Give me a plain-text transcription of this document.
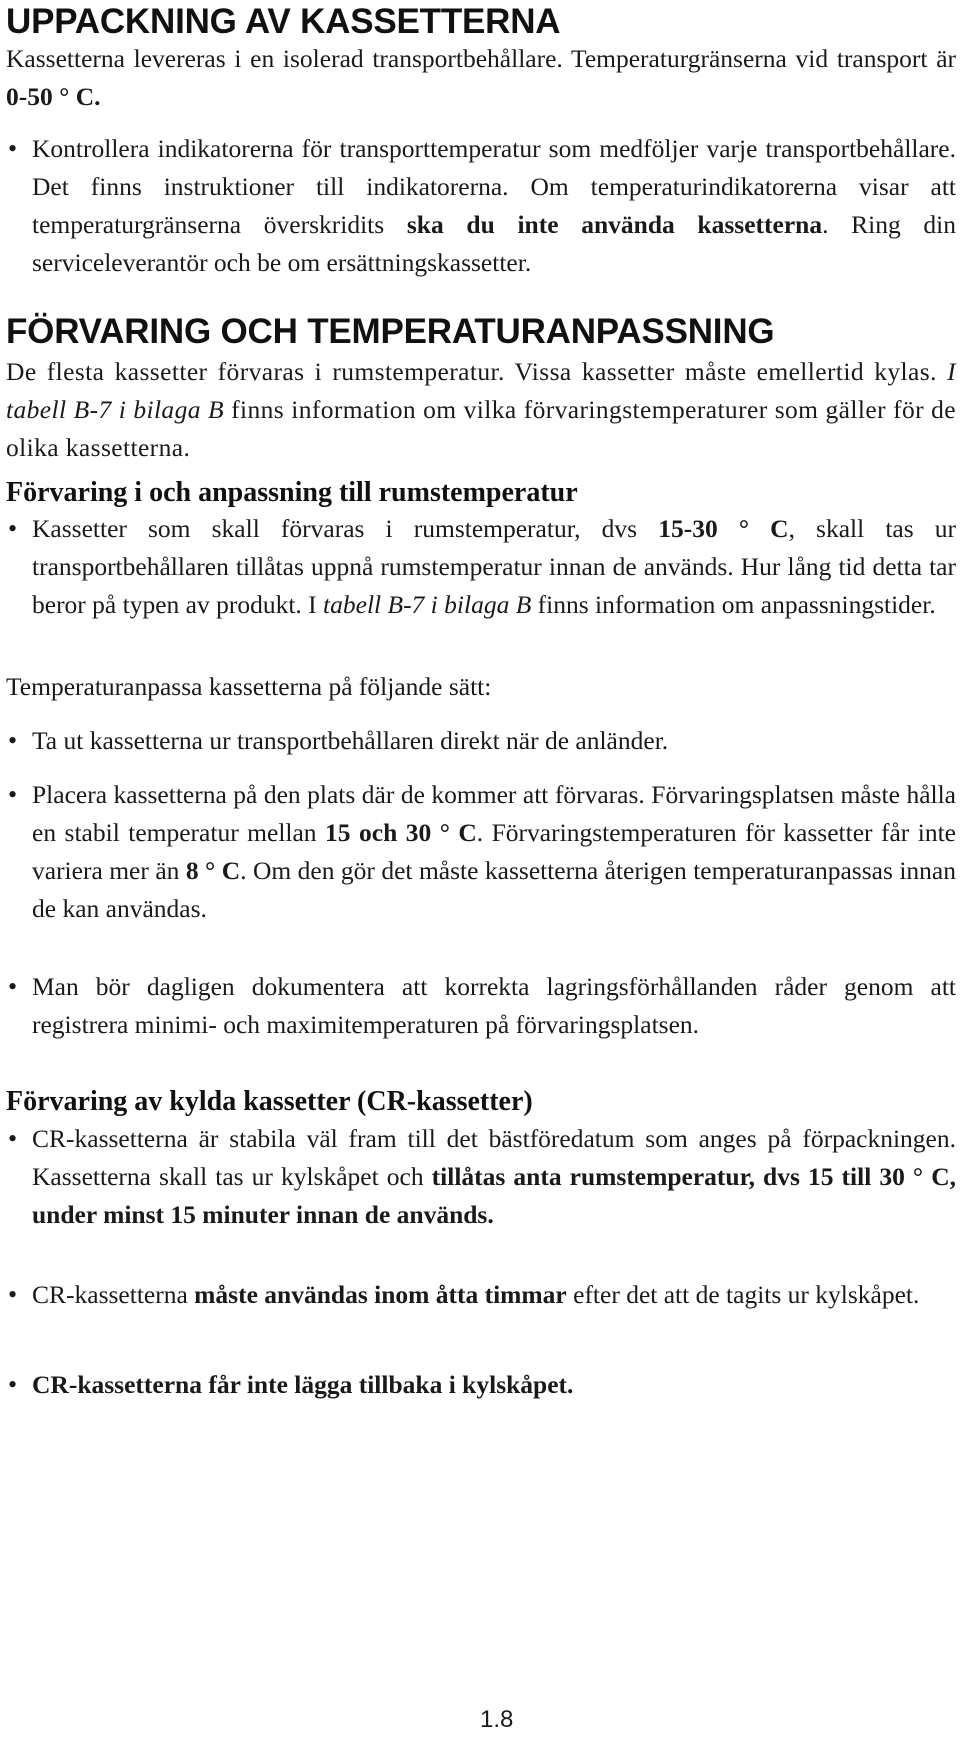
UPPACKNING AV KASSETTERNA

Kassetterna levereras i en isolerad transportbehållare. Temperaturgränserna vid transport är 0-50 ° C.

• Kontrollera indikatorerna för transporttemperatur som medföljer varje transportbehållare. Det finns instruktioner till indikatorerna. Om temperaturindikatorerna visar att temperaturgränserna överskridits ska du inte använda kassetterna. Ring din serviceleverantör och be om ersättningskassetter.
FÖRVARING OCH TEMPERATURANPASSNING

De flesta kassetter förvaras i rumstemperatur. Vissa kassetter måste emellertid kylas. I tabell B-7 i bilaga B finns information om vilka förvaringstemperaturer som gäller för de olika kassetterna.

Förvaring i och anpassning till rumstemperatur
• Kassetter som skall förvaras i rumstemperatur, dvs 15-30 ° C, skall tas ur transportbehållaren tillåtas uppnå rumstemperatur innan de används. Hur lång tid detta tar beror på typen av produkt. I tabell B-7 i bilaga B finns information om anpassningstider.

Temperaturanpassa kassetterna på följande sätt:

• Ta ut kassetterna ur transportbehållaren direkt när de anländer.
• Placera kassetterna på den plats där de kommer att förvaras. Förvaringsplatsen måste hålla en stabil temperatur mellan 15 och 30 ° C. Förvaringstemperaturen för kassetter får inte variera mer än 8 ° C. Om den gör det måste kassetterna återigen temperaturanpassas innan de kan användas.
• Man bör dagligen dokumentera att korrekta lagringsförhållanden råder genom att registrera minimi- och maximitemperaturen på förvaringsplatsen.
Förvaring av kylda kassetter (CR-kassetter)
• CR-kassetterna är stabila väl fram till det bästföredatum som anges på förpackningen. Kassetterna skall tas ur kylskåpet och tillåtas anta rumstemperatur, dvs 15 till 30 ° C, under minst 15 minuter innan de används.
• CR-kassetterna måste användas inom åtta timmar efter det att de tagits ur kylskåpet.
• CR-kassetterna får inte lägga tillbaka i kylskåpet.
1.8
